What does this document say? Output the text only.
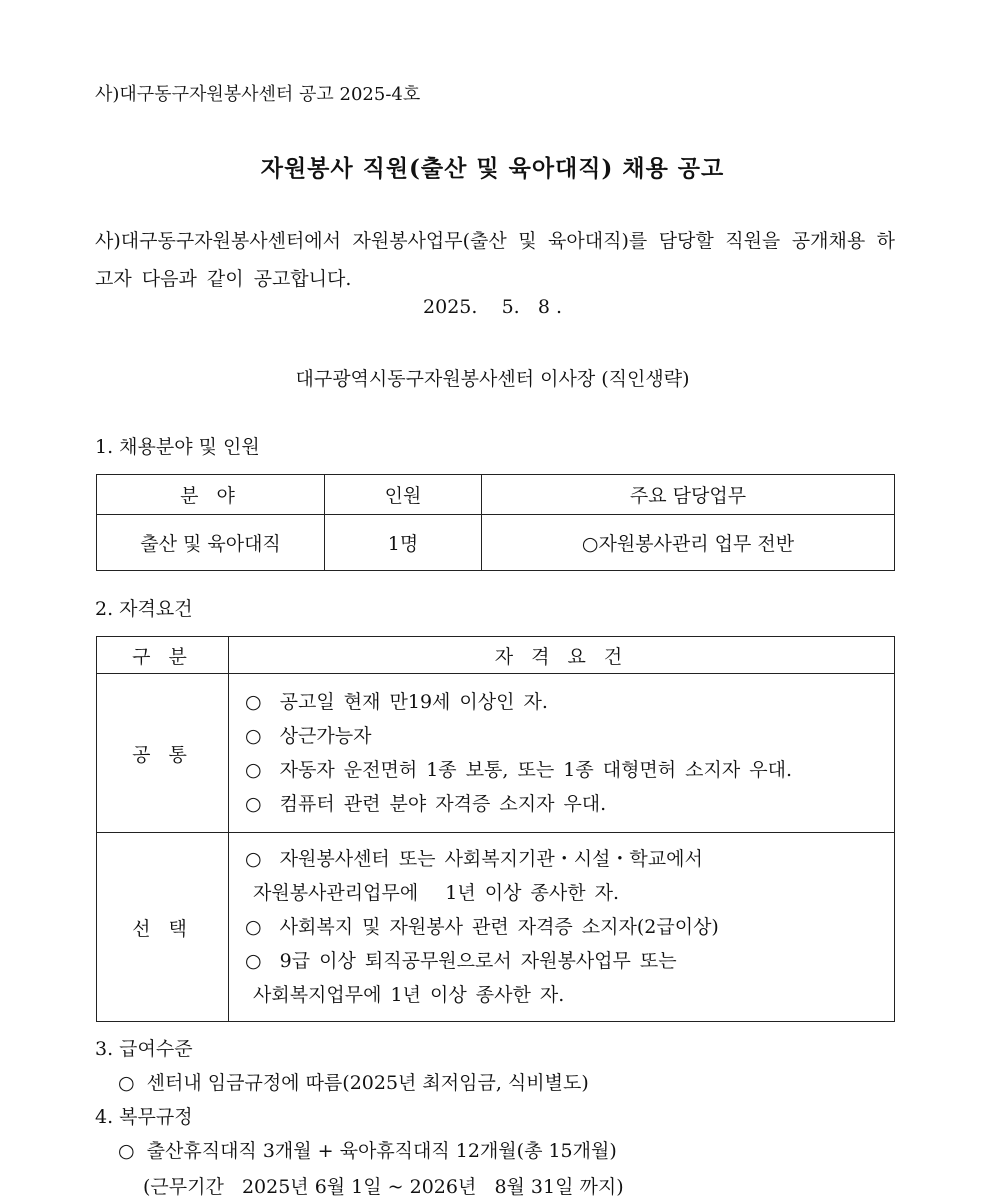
사)대구동구자원봉사센터 공고 2025-4호
자원봉사 직원(출산 및 육아대직) 채용 공고
사)대구동구자원봉사센터에서 자원봉사업무(출산 및 육아대직)를 담당할 직원을 공개채용 하고자 다음과 같이 공고합니다.
2025.    5.   8 .
대구광역시동구자원봉사센터 이사장 (직인생략)
1. 채용분야 및 인원
분 야	인원	주요 담당업무
출산 및 육아대직	1명	○자원봉사관리 업무 전반
2. 자격요건
구 분	자 격 요 건
공 통	○  공고일 현재 만19세 이상인 자.
○  상근가능자
○  자동자 운전면허 1종 보통, 또는 1종 대형면허 소지자 우대.
○  컴퓨터 관련 분야 자격증 소지자 우대.

선 택	○  자원봉사센터 또는 사회복지기관・시설・학교에서
자원봉사관리업무에   1년 이상 종사한 자.
○  사회복지 및 자원봉사 관련 자격증 소지자(2급이상)
○  9급 이상 퇴직공무원으로서 자원봉사업무 또는
사회복지업무에 1년 이상 종사한 자.
3. 급여수준
○  센터내 임금규정에 따름(2025년 최저임금, 식비별도)
4. 복무규정
○  출산휴직대직 3개월 + 육아휴직대직 12개월(총 15개월)
(근무기간   2025년 6월 1일 ~ 2026년   8월 31일 까지)
